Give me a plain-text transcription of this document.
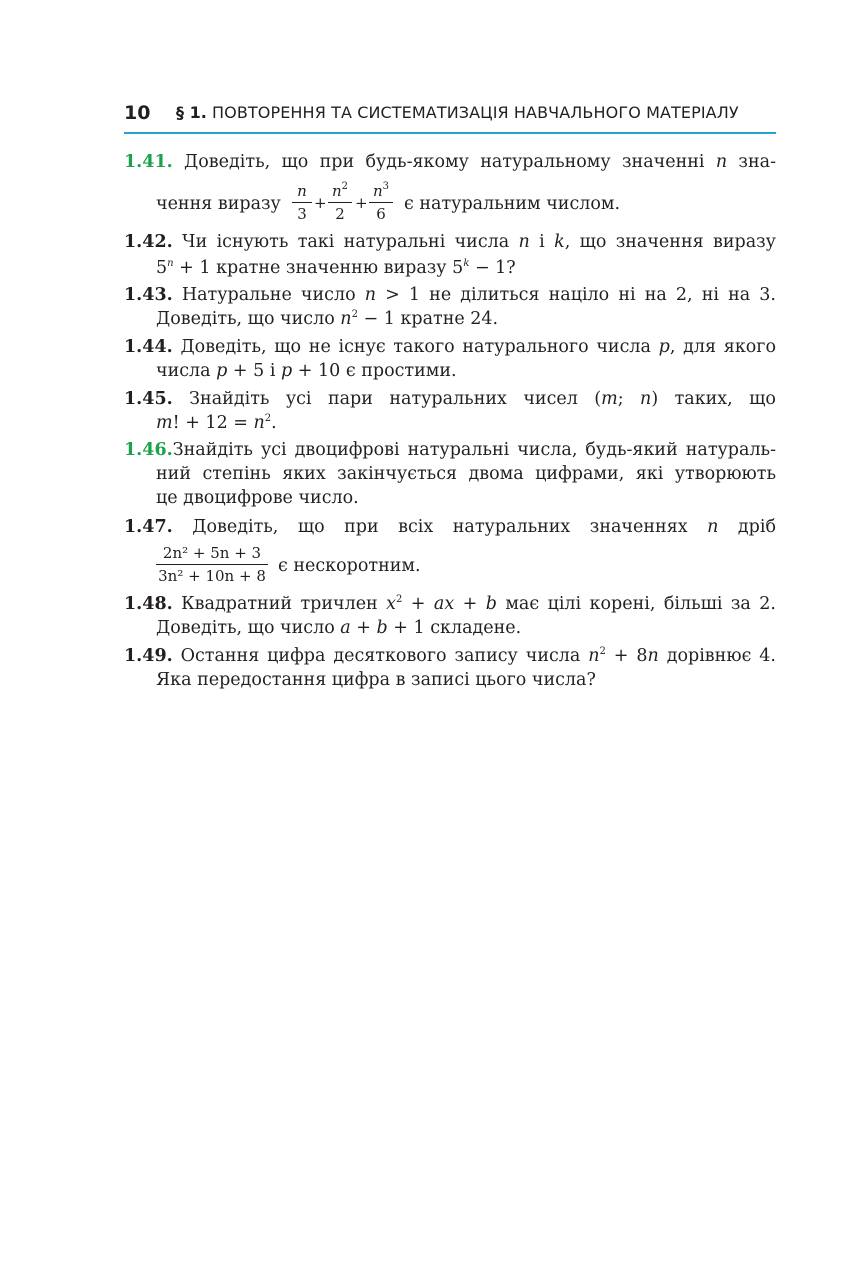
10 § 1. ПОВТОРЕННЯ ТА СИСТЕМАТИЗАЦІЯ НАВЧАЛЬНОГО МАТЕРІАЛУ
1.41. Доведіть, що при будь-якому натуральному значенні n зна-
чення виразу
n
3
+
$n^2$
2
+
$n^3$
6	є натуральним числом.
1.42. Чи існують такі натуральні числа n і k, що значення виразу
$5^n + 1$ кратне значенню виразу $5^k - 1$?
1.43. Натуральне число n > 1 не ділиться націло ні на 2, ні на 3.
Доведіть, що число $n^2 - 1$ кратне 24.
1.44. Доведіть, що не існує такого натурального числа p, для якого
числа p + 5 і p + 10 є простими.
1.45. Знайдіть усі пари натуральних чисел (m; n) таких, що
m! + $12 = n^2$.
1.46.Знайдіть усі двоцифрові натуральні числа, будь-який натураль-
ний степінь яких закінчується двома цифрами, які утворюють
це двоцифрове число.
1.47. Доведіть, що при всіх натуральних значеннях n дріб
2n² + 5n + 3
3n² + 10n + 8 є нескоротним.
1.48. Квадратний тричлен $x^2$ + ax + b має цілі корені, більші за 2.
Доведіть, що число a + b + 1 складене.
1.49. Остання цифра десяткового запису числа $n^2 + 8n$ дорівнює 4.
Яка передостання цифра в записі цього числа?
